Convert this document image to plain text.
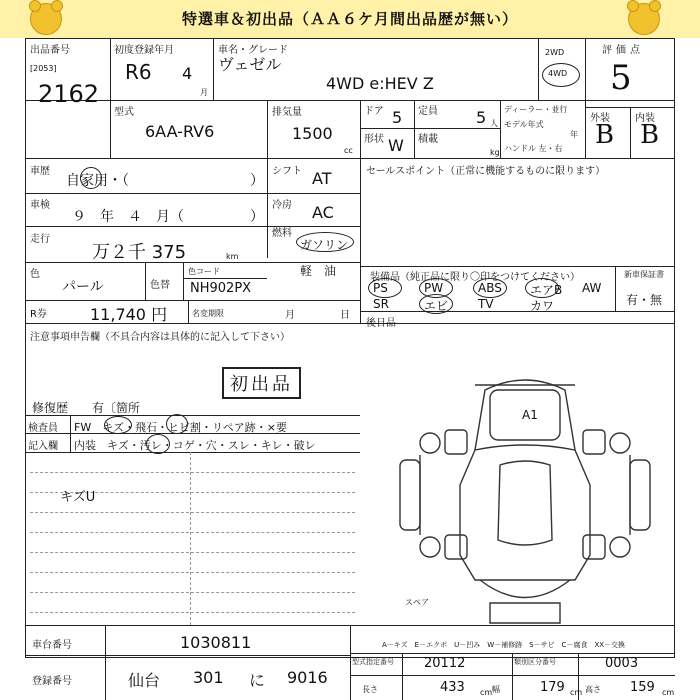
特選車＆初出品（ＡＡ６ケ月間出品歴が無い）
出品番号
[2053]
2162
初度登録年月
R6 4
月
車名・グレード
ヴェゼル
4WD e:HEV Z
2WD
4WD
評価点
5
外装	内装
B B
型式
6AA-RV6
排気量
1500
cc
ドア 5 定員 5 人
形状 W 積載
kg
ディーラー・並行
モデル年式
年
ハンドル 左・右
車歴
自家用・（	）
車検
９　年　４　月（	）
走行
万２千 375	km
色
パール	色替
色コード
NH902PX
R券	11,740 円	名変期限	月	日
シフト AT
冷房 AC
燃料
ガソリン
軽　油
セールスポイント（正常に機能するものに限ります）
装備品（純正品に限り〇印をつけてください）	新車保証書
有・無
PS	PW	ABS エアB AW
SR	エビ TV	カワ
後日品
注意事項申告欄（不具合内容は具体的に記入して下さい）
初出品
修復歴　　有〔箇所
検査員
記入欄
FW　キズ・飛石・ヒビ割・リペア跡・×要
内装　キズ・汚レ・コゲ・穴・スレ・キレ・破レ
キズU
A1
スペア
車台番号	1030811
登録番号	仙台 301 に 9016
A－キズ　E－エクボ　U－凹み　W－補修跡　S－サビ　C－腐食　XX－交換
型式指定番号 20112	類別区分番号	0003
長さ	433 cm 幅	179 cm 高さ 159 cm
